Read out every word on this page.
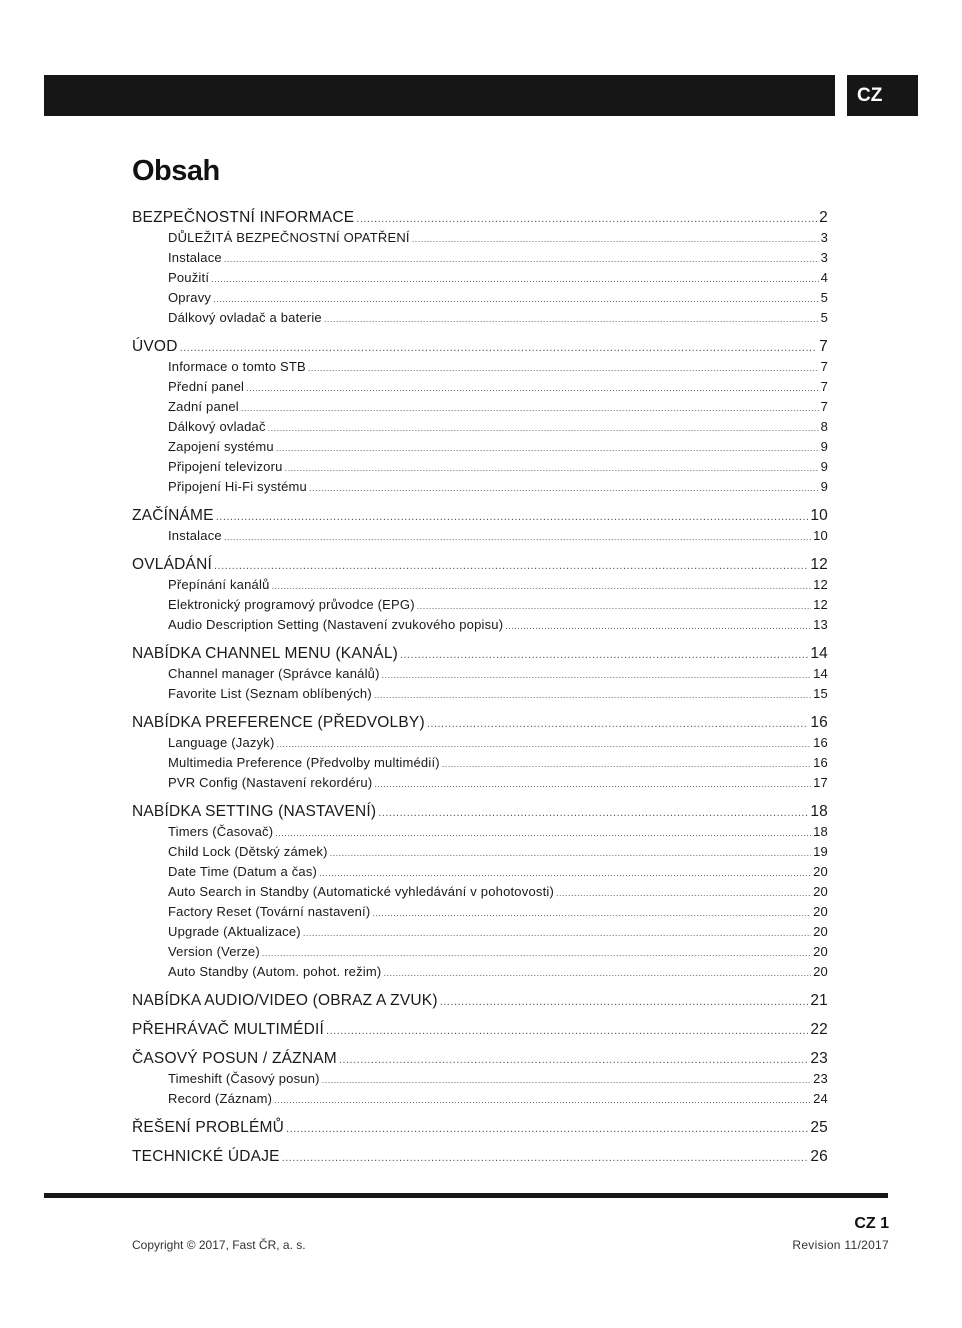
CZ
Obsah
BEZPEČNOSTNÍ INFORMACE .....	2
DŮLEŽITÁ BEZPEČNOSTNÍ OPATŘENÍ .....	3
Instalace .....	3
Použití .....	4
Opravy .....	5
Dálkový ovladač a baterie .....	5
ÚVOD .....	7
Informace o tomto STB .....	7
Přední panel .....	7
Zadní panel .....	7
Dálkový ovladač .....	8
Zapojení systému .....	9
Připojení televizoru .....	9
Připojení Hi-Fi systému .....	9
ZAČÍNÁME .....	10
Instalace .....	10
OVLÁDÁNÍ .....	12
Přepínání kanálů .....	12
Elektronický programový průvodce (EPG) .....	12
Audio Description Setting (Nastavení zvukového popisu) .....	13
NABÍDKA CHANNEL MENU (KANÁL) .....	14
Channel manager (Správce kanálů) .....	14
Favorite List (Seznam oblíbených) .....	15
NABÍDKA PREFERENCE (PŘEDVOLBY) .....	16
Language (Jazyk) .....	16
Multimedia Preference (Předvolby multimédií) .....	16
PVR Config (Nastavení rekordéru) .....	17
NABÍDKA SETTING (NASTAVENÍ) .....	18
Timers (Časovač) .....	18
Child Lock (Dětský zámek) .....	19
Date Time (Datum a čas) .....	20
Auto Search in Standby (Automatické vyhledávání v pohotovosti) .....	20
Factory Reset (Tovární nastavení) .....	20
Upgrade (Aktualizace) .....	20
Version (Verze) .....	20
Auto Standby (Autom. pohot. režim) .....	20
NABÍDKA AUDIO/VIDEO (OBRAZ A ZVUK) .....	21
PŘEHRÁVAČ MULTIMÉDIÍ .....	22
ČASOVÝ POSUN / ZÁZNAM .....	23
Timeshift (Časový posun) .....	23
Record (Záznam) .....	24
ŘEŠENÍ PROBLÉMŮ .....	25
TECHNICKÉ ÚDAJE .....	26
CZ 1
Copyright © 2017, Fast ČR, a. s.	Revision 11/2017
